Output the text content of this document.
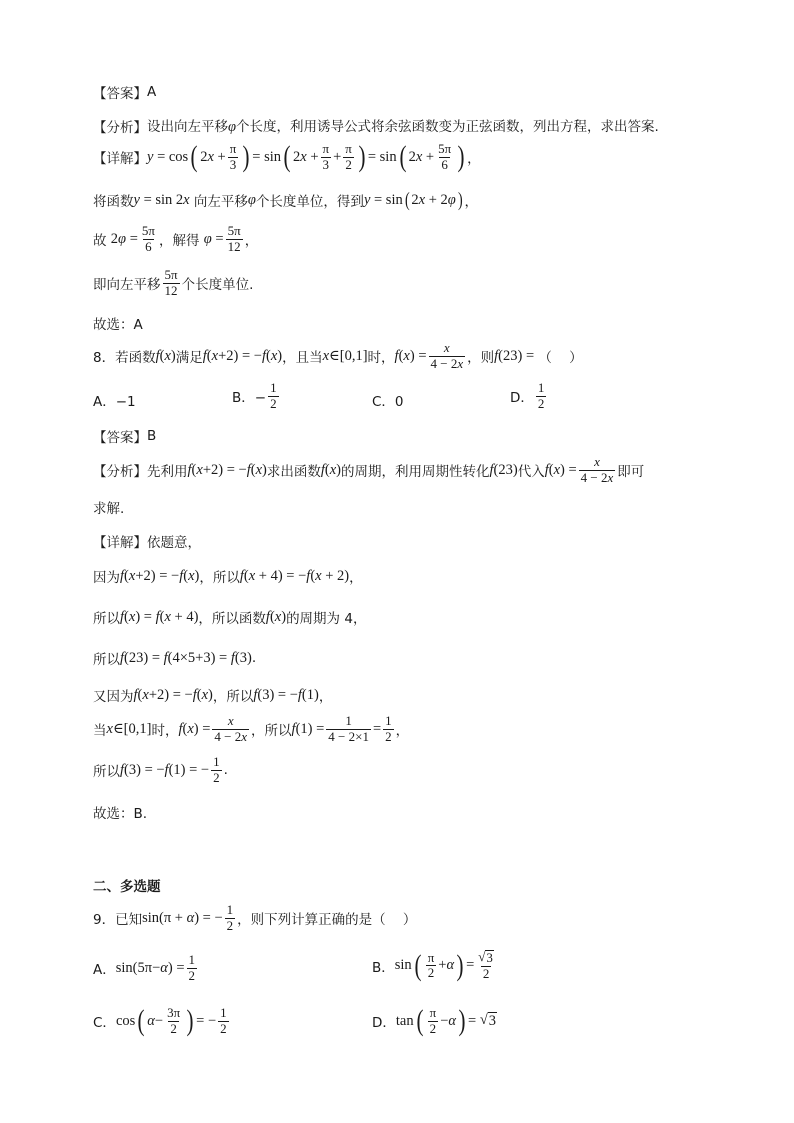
【答案】 A
【分析】 设出向左平移φ个长度，利用诱导公式将余弦函数变为正弦函数，列出方程，求出答案.
【详解】 y = cos ( 2 $x + \frac{\pi}{3}$ ) = sin ( 2 $x + \frac{\pi}{3} + \frac{\pi}{2}$ ) = sin ( 2 $x + \frac{5\pi}{6}$ ) ，
将函数 y = sin 2 x 向左平移 φ 个长度单位，得到 y = sin ( 2 x + 2 φ ) ，
故 2 $\varphi = \frac{5\pi}{6}$ ，解得 $\varphi = \frac{5\pi}{12}$ ，
即向左平移 $\frac{5\pi}{12}$ 个长度单位.
故选：A
8．若函数 f ( x ) 满足 f ( x +2) = − f ( x ) ，且当 x ∈[0,1] 时， f ( x ) = $\frac{x}{4 - 2x}$ ，则 f (23) = （    ）
A．−1	B．− $\frac{1}{2}$	C．0	D． $\frac{1}{2}$
【答案】 B
【分析】 先利用 f ( x +2) = − f ( x ) 求出函数 f ( x ) 的周期，利用周期性转化 f (23) 代入 f ( x ) = $\frac{x}{4 - 2x}$ 即可
求解.
【详解】 依题意，
因为 f ( x +2) = − f ( x ) ，所以 f ( x + 4) = − f ( x + 2) ，
所以 f ( x ) = f ( x + 4) ，所以函数 f ( x ) 的周期为 4，
所以 f (23) = f (4×5+3) = f (3) .
又因为 f ( x +2) = − f ( x ) ，所以 f (3) = − f (1) ，
当 x ∈[0,1] 时， f ( x ) = $\frac{x}{4 - 2x}$ ，所以 f $(1) = \frac{1}{4 - 2\times 1} = \frac{1}{2}$ ，
所以 f (3) = − f (1) = − $\frac{1}{2}$ .
故选：B.
二、多选题
9．已知 sin(π + α ) = − $\frac{1}{2}$ ，则下列计算正确的是（    ）
A． sin(5π− α ) = $\frac{1}{2}$	B． sin ( $\frac{\pi}{2} + \alpha$ ) = $\frac{√ 3}{2}$
C． cos ( $\alpha - \frac{3\pi}{2}$ ) = − $\frac{1}{2}$	D． tan ( $\frac{\pi}{2} - \alpha$ ) = √ 3
